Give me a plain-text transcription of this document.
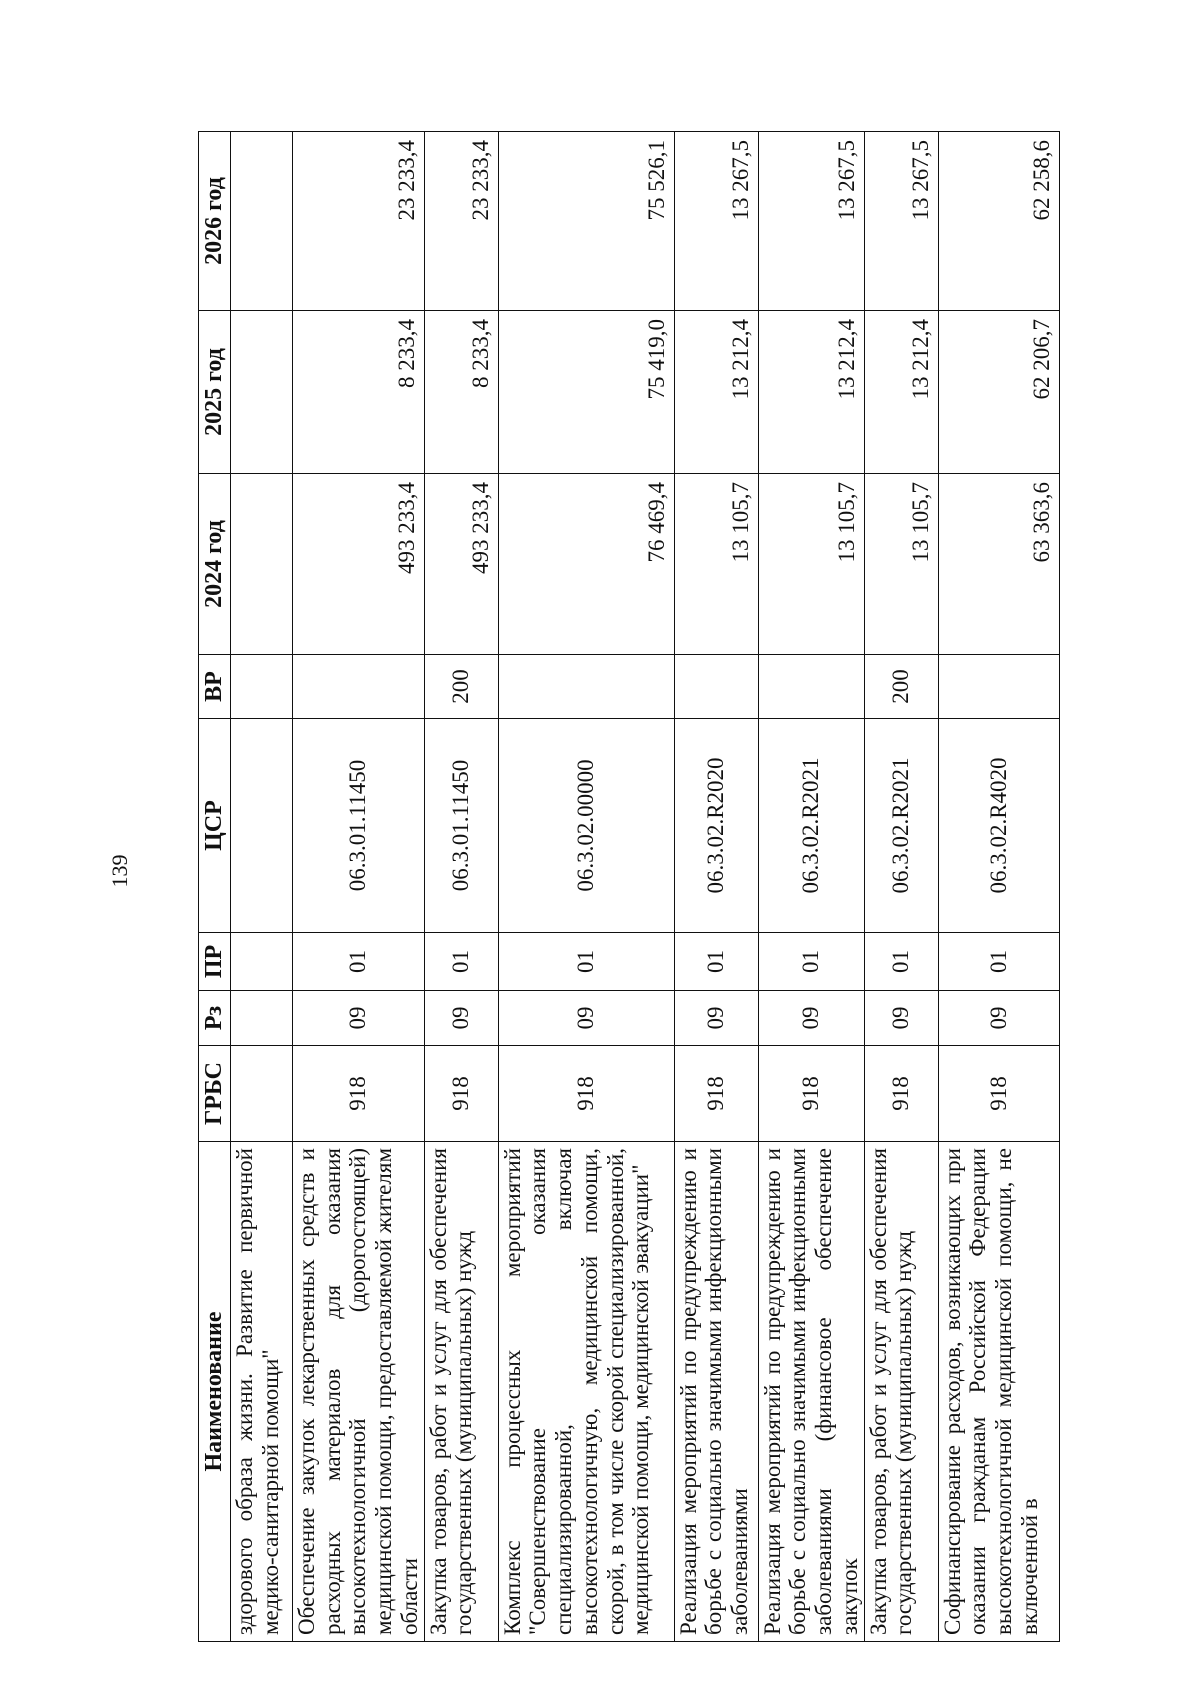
139
Наименование	ГРБС	Рз	ПР	ЦСР	ВР	2024 год	2025 год	2026 год
здорового образа жизни. Развитие первичной медико-санитарной помощи"								
Обеспечение закупок лекарственных средств и расходных материалов для оказания высокотехнологичной (дорогостоящей) медицинской помощи, предоставляемой жителям области	918	09	01	06.3.01.11450		493 233,4	8 233,4	23 233,4
Закупка товаров, работ и услуг для обеспечения государственных (муниципальных) нужд	918	09	01	06.3.01.11450	200	493 233,4	8 233,4	23 233,4
Комплекс процессных мероприятий "Совершенствование оказания специализированной, включая высокотехнологичную, медицинской помощи, скорой, в том числе скорой специализированной, медицинской помощи, медицинской эвакуации"	918	09	01	06.3.02.00000		76 469,4	75 419,0	75 526,1
Реализация мероприятий по предупреждению и борьбе с социально значимыми инфекционными заболеваниями	918	09	01	06.3.02.R2020		13 105,7	13 212,4	13 267,5
Реализация мероприятий по предупреждению и борьбе с социально значимыми инфекционными заболеваниями (финансовое обеспечение закупок	918	09	01	06.3.02.R2021		13 105,7	13 212,4	13 267,5
Закупка товаров, работ и услуг для обеспечения государственных (муниципальных) нужд	918	09	01	06.3.02.R2021	200	13 105,7	13 212,4	13 267,5
Софинансирование расходов, возникающих при оказании гражданам Российской Федерации высокотехнологичной медицинской помощи, не включенной в	918	09	01	06.3.02.R4020		63 363,6	62 206,7	62 258,6
